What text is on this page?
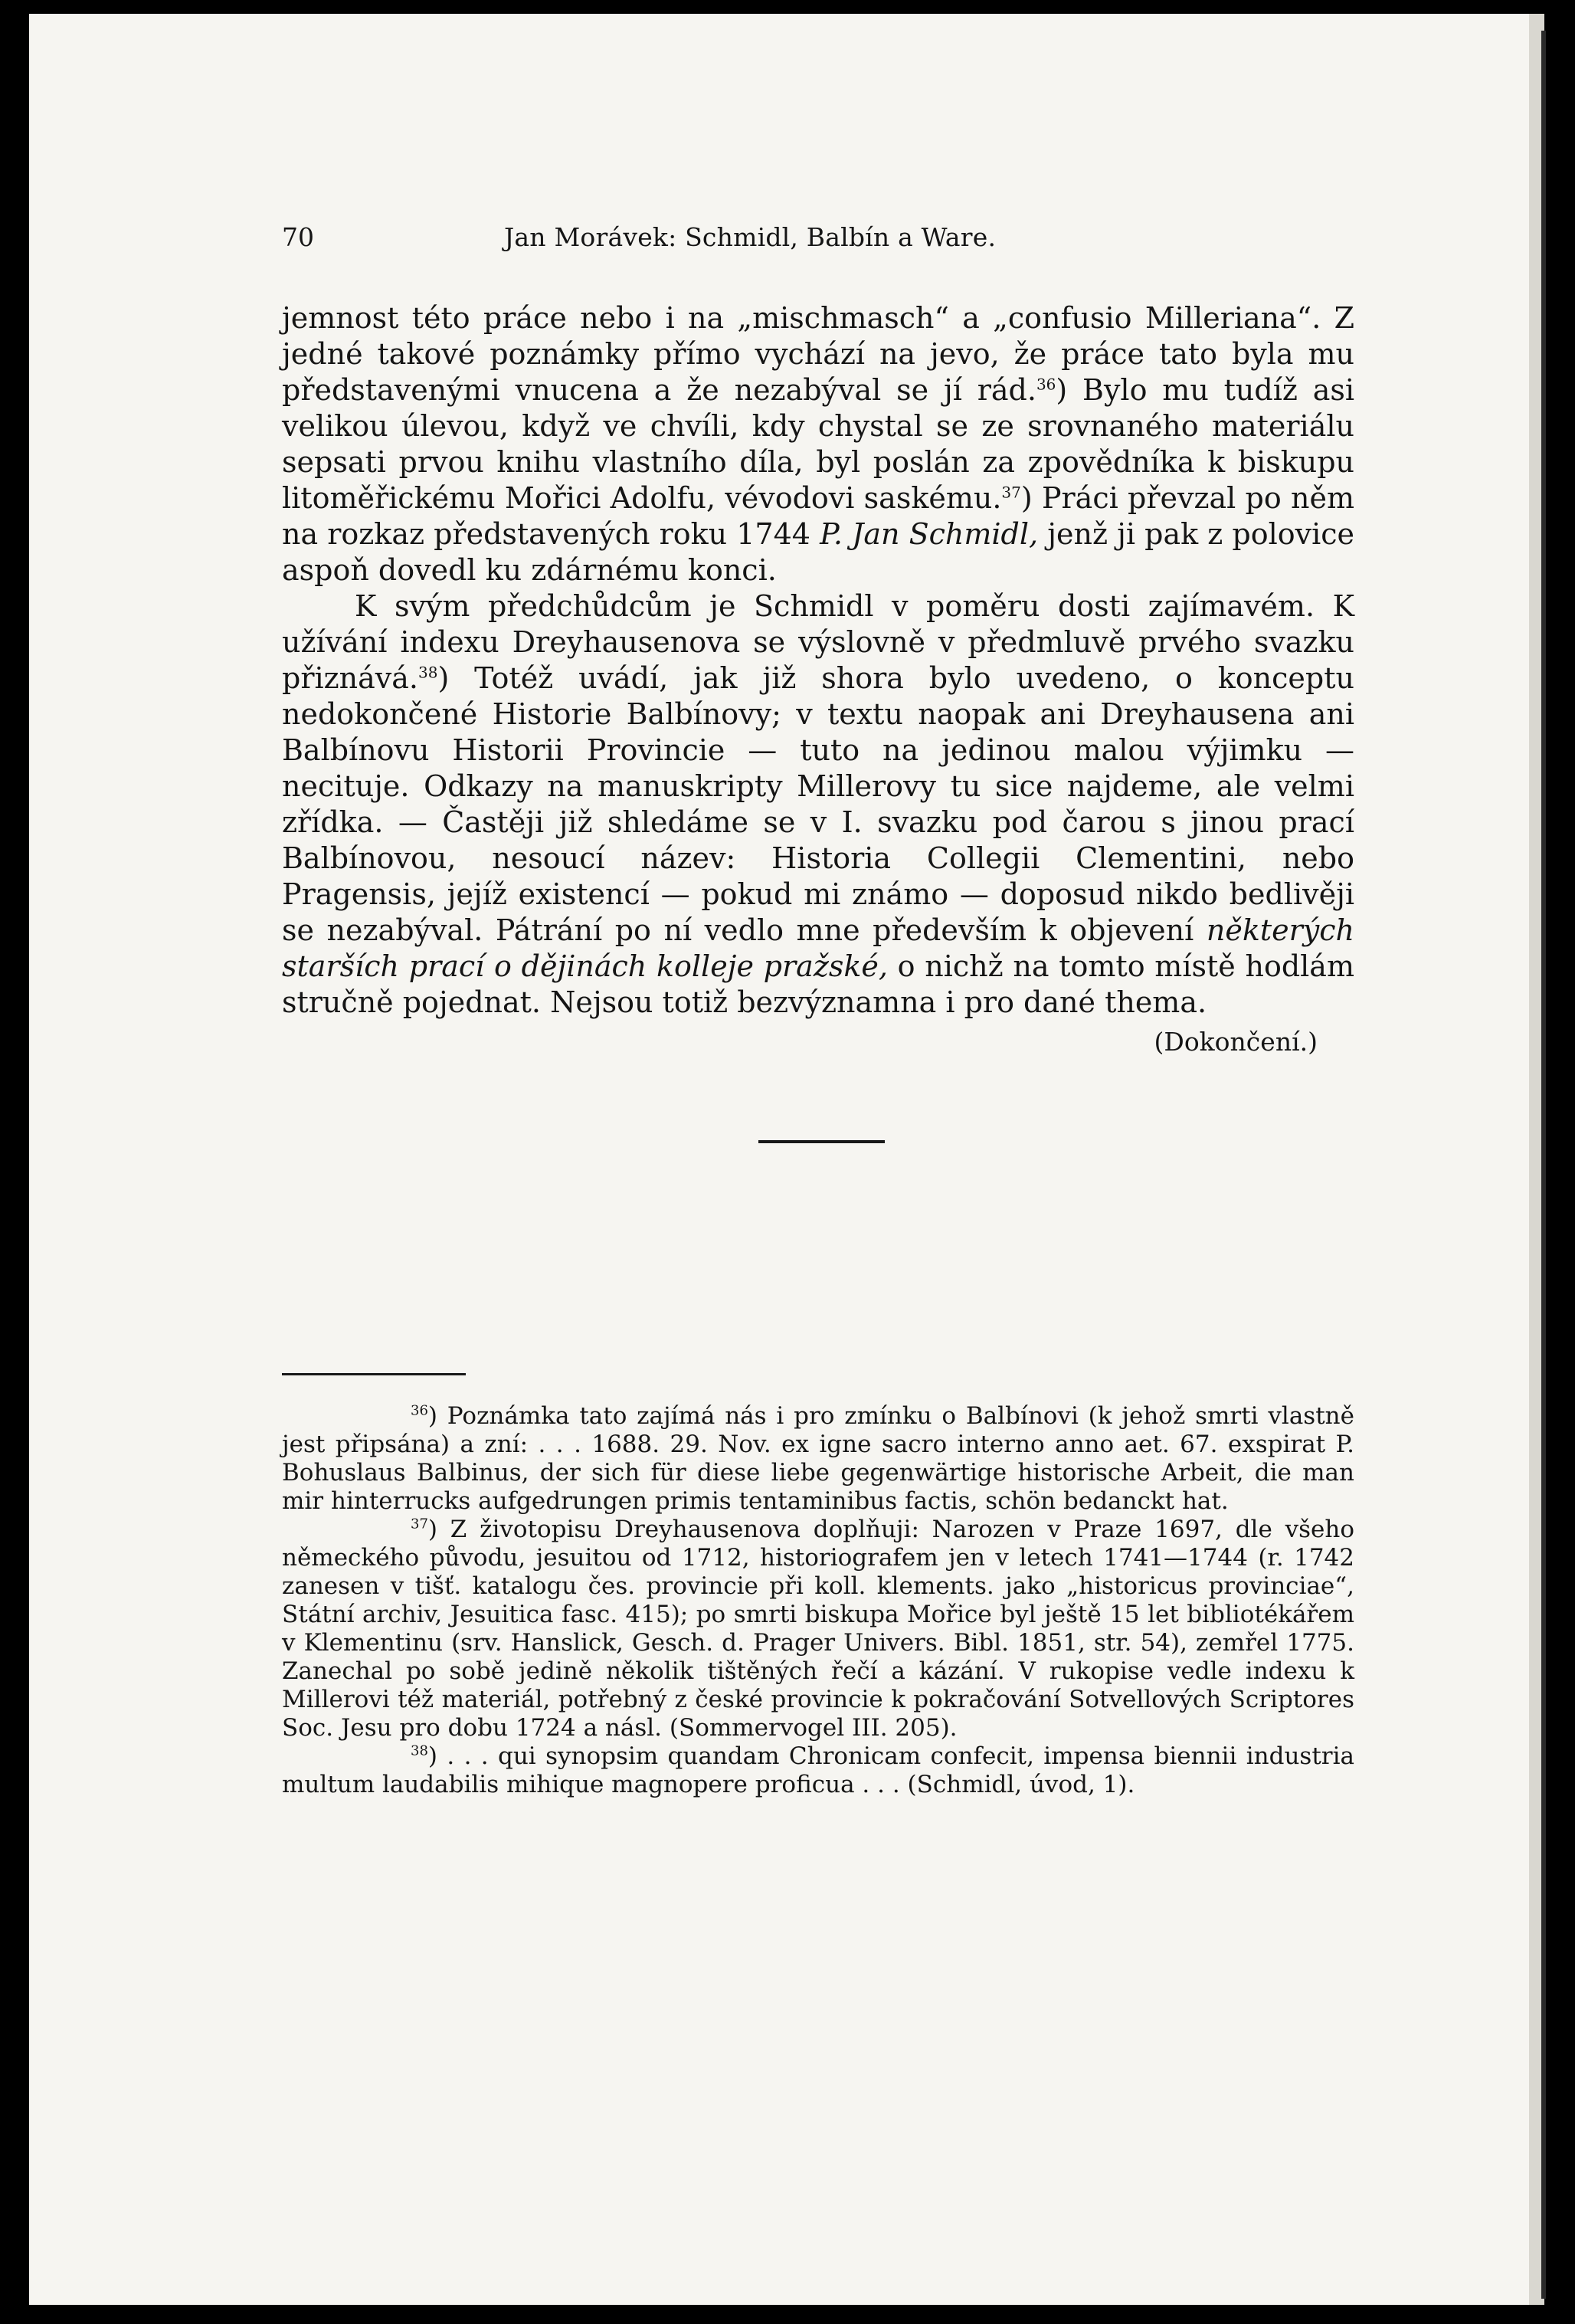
70	Jan Morávek: Schmidl, Balbín a Ware.

jemnost této práce nebo i na „mischmasch“ a „confusio Milleriana“. Z jedné takové poznámky přímo vychází na jevo, že práce tato byla mu představenými vnucena a že nezabýval se jí rád.$^{36}$) Bylo mu tudíž asi velikou úlevou, když ve chvíli, kdy chystal se ze srovnaného materiálu sepsati prvou knihu vlastního díla, byl poslán za zpovědníka k biskupu litoměřickému Mořici Adolfu, vévodovi saskému.$^{37}$) Práci převzal po něm na rozkaz představených roku 1744 P. Jan Schmidl, jenž ji pak z polovice aspoň dovedl ku zdárnému konci.

K svým předchůdcům je Schmidl v poměru dosti zajímavém. K užívání indexu Dreyhausenova se výslovně v předmluvě prvého svazku přiznává.$^{38}$) Totéž uvádí, jak již shora bylo uvedeno, o konceptu nedokončené Historie Balbínovy; v textu naopak ani Dreyhausena ani Balbínovu Historii Provincie — tuto na jedinou malou výjimku — necituje. Odkazy na manuskripty Millerovy tu sice najdeme, ale velmi zřídka. — Častěji již shledáme se v I. svazku pod čarou s jinou prací Balbínovou, nesoucí název: Historia Collegii Clementini, nebo Pragensis, jejíž existencí — pokud mi známo — doposud nikdo bedlivěji se nezabýval. Pátrání po ní vedlo mne především k objevení některých starších prací o dějinách kolleje pražské, o nichž na tomto místě hodlám stručně pojednat. Nejsou totiž bezvýznamna i pro dané thema.

(Dokončení.)

$^{36}$) Poznámka tato zajímá nás i pro zmínku o Balbínovi (k jehož smrti vlastně jest připsána) a zní: . . . 1688. 29. Nov. ex igne sacro interno anno aet. 67. exspirat P. Bohuslaus Balbinus, der sich für diese liebe gegenwärtige historische Arbeit, die man mir hinterrucks aufgedrungen primis tentaminibus factis, schön bedanckt hat.

$^{37}$) Z životopisu Dreyhausenova doplňuji: Narozen v Praze 1697, dle všeho německého původu, jesuitou od 1712, historiografem jen v letech 1741—1744 (r. 1742 zanesen v tišť. katalogu čes. provincie při koll. klements. jako „historicus provinciae“, Státní archiv, Jesuitica fasc. 415); po smrti biskupa Mořice byl ještě 15 let bibliotékářem v Klementinu (srv. Hanslick, Gesch. d. Prager Univers. Bibl. 1851, str. 54), zemřel 1775. Zanechal po sobě jedině několik tištěných řečí a kázání. V rukopise vedle indexu k Millerovi též materiál, potřebný z české provincie k pokračování Sotvellových Scriptores Soc. Jesu pro dobu 1724 a násl. (Sommervogel III. 205).

$^{38}$) . . . qui synopsim quandam Chronicam confecit, impensa biennii industria multum laudabilis mihique magnopere proficua . . . (Schmidl, úvod, 1).
